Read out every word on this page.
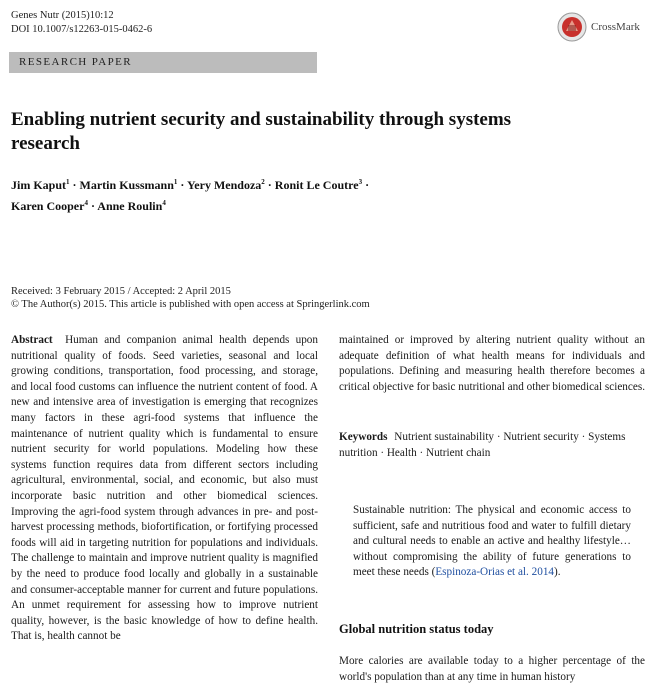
Genes Nutr (2015)10:12
DOI 10.1007/s12263-015-0462-6	CrossMark
RESEARCH PAPER
Enabling nutrient security and sustainability through systems
research
Jim Kaput$^1$ · Martin Kussmann$^1$ · Yery Mendoza$^2$ · Ronit Le Coutre$^3$ ·
Karen Cooper$^4$ · Anne Roulin$^4$
Received: 3 February 2015 / Accepted: 2 April 2015
© The Author(s) 2015. This article is published with open access at Springerlink.com
Abstract Human and companion animal health depends upon nutritional quality of foods. Seed varieties, seasonal and local growing conditions, transportation, food processing, and storage, and local food customs can influence the nutrient content of food. A new and intensive area of investigation is emerging that recognizes many factors in these agri-food systems that influence the maintenance of nutrient quality which is fundamental to ensure nutrient security for world populations. Modeling how these systems function requires data from different sectors including agricultural, environmental, social, and economic, but also must incorporate basic nutrition and other biomedical sciences. Improving the agri-food system through advances in pre- and post-harvest processing methods, biofortification, or fortifying processed foods will aid in targeting nutrition for populations and individuals. The challenge to maintain and improve nutrient quality is magnified by the need to produce food locally and globally in a sustainable and consumer-acceptable manner for current and future populations. An unmet requirement for assessing how to improve nutrient quality, however, is the basic knowledge of how to define health. That is, health cannot be
maintained or improved by altering nutrient quality without an adequate definition of what health means for individuals and populations. Defining and measuring health therefore becomes a critical objective for basic nutritional and other biomedical sciences.
Keywords Nutrient sustainability · Nutrient security · Systems nutrition · Health · Nutrient chain
Sustainable nutrition: The physical and economic access to sufficient, safe and nutritious food and water to fulfill dietary and cultural needs to enable an active and healthy lifestyle…without compromising the ability of future generations to meet these needs (Espinoza-Orias et al. 2014).
Global nutrition status today
More calories are available today to a higher percentage of the world's population than at any time in human history
